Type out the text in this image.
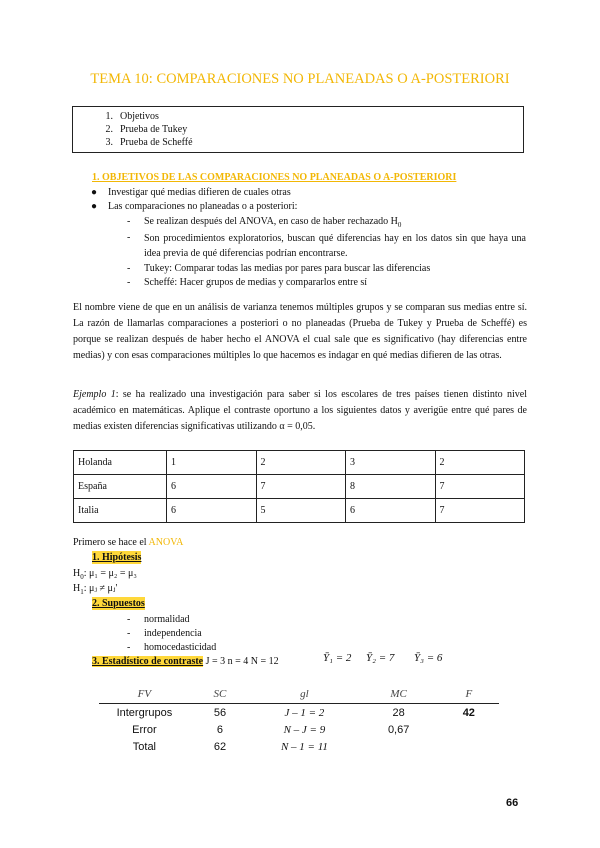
TEMA 10: COMPARACIONES NO PLANEADAS O A-POSTERIORI
1. Objetivos
2. Prueba de Tukey
3. Prueba de Scheffé
1. OBJETIVOS DE LAS COMPARACIONES NO PLANEADAS O A-POSTERIORI
● Investigar qué medias difieren de cuales otras
● Las comparaciones no planeadas o a posteriori:
- Se realizan después del ANOVA, en caso de haber rechazado $H_0$
- Son procedimientos exploratorios, buscan qué diferencias hay en los datos sin que haya una idea previa de qué diferencias podrían encontrarse.
- Tukey: Comparar todas las medias por pares para buscar las diferencias
- Scheffé: Hacer grupos de medias y compararlos entre sí
El nombre viene de que en un análisis de varianza tenemos múltiples grupos y se comparan sus medias entre sí. La razón de llamarlas comparaciones a posteriori o no planeadas (Prueba de Tukey y Prueba de Scheffé) es porque se realizan después de haber hecho el ANOVA el cual sale que es significativo (hay diferencias entre medias) y con esas comparaciones múltiples lo que hacemos es indagar en qué medias difieren de las otras.
Ejemplo 1: se ha realizado una investigación para saber si los escolares de tres países tienen distinto nivel académico en matemáticas. Aplique el contraste oportuno a los siguientes datos y averigüe entre qué pares de medias existen diferencias significativas utilizando α = 0,05.
Holanda	1	2	3	2
España	6	7	8	7
Italia	6	5	6	7
Primero se hace el ANOVA
1. Hipótesis
$H_0$: μ₁ = μ₂ = μ₃
$H_1$: μⱼ ≠ μⱼ'
2. Supuestos
- normalidad
- independencia
- homocedasticidad
3. Estadístico de contraste J = 3 n = 4 N = 12	Ȳ₁ = 2 Ȳ₂ = 7 Ȳ₃ = 6
FV	SC	gl	MC	F
Intergrupos	56	J – 1 = 2	28	42
Error	6	N – J = 9	0,67	
Total	62	N – 1 = 11		
66
